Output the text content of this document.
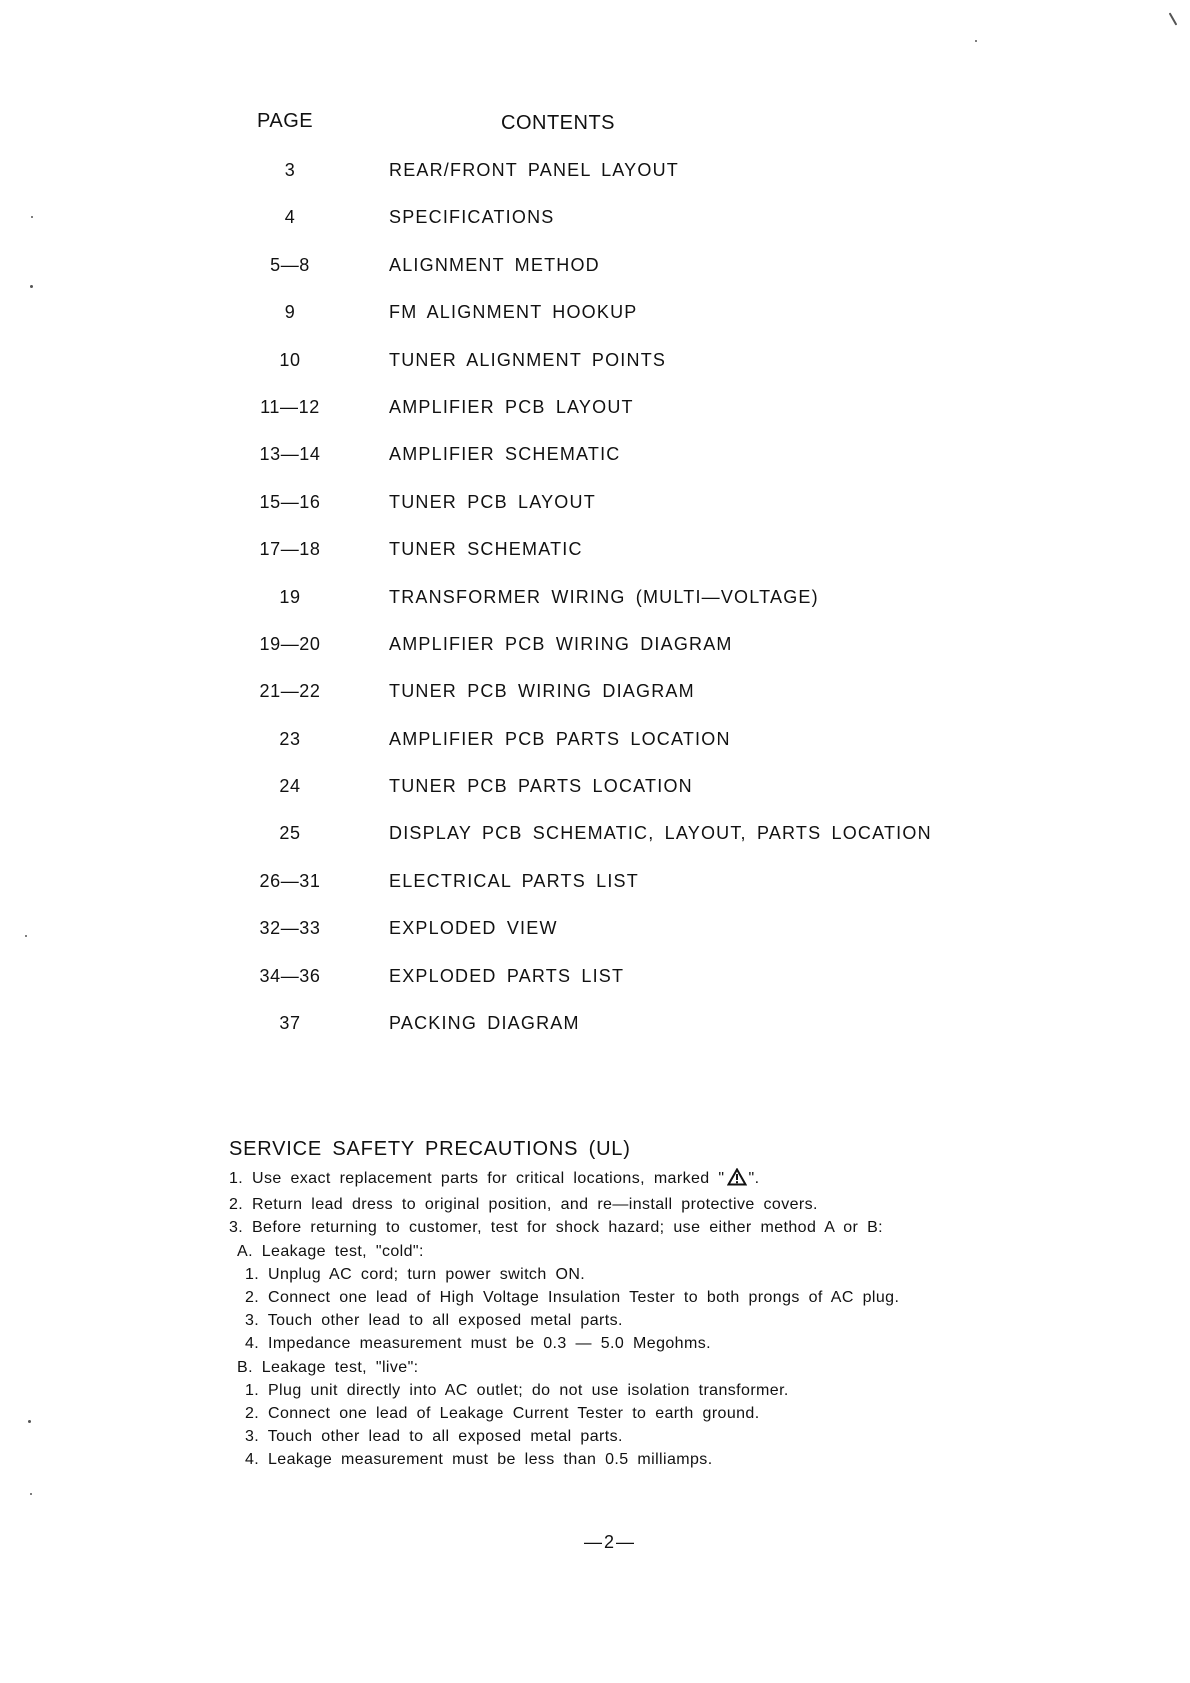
PAGE	CONTENTS
3	REAR/FRONT PANEL LAYOUT
4	SPECIFICATIONS
5—8	ALIGNMENT METHOD
9	FM ALIGNMENT HOOKUP
10	TUNER ALIGNMENT POINTS
11—12	AMPLIFIER PCB LAYOUT
13—14	AMPLIFIER SCHEMATIC
15—16	TUNER PCB LAYOUT
17—18	TUNER SCHEMATIC
19	TRANSFORMER WIRING (MULTI—VOLTAGE)
19—20	AMPLIFIER PCB WIRING DIAGRAM
21—22	TUNER PCB WIRING DIAGRAM
23	AMPLIFIER PCB PARTS LOCATION
24	TUNER PCB PARTS LOCATION
25	DISPLAY PCB SCHEMATIC, LAYOUT, PARTS LOCATION
26—31	ELECTRICAL PARTS LIST
32—33	EXPLODED VIEW
34—36	EXPLODED PARTS LIST
37	PACKING DIAGRAM
SERVICE SAFETY PRECAUTIONS (UL)
1. Use exact replacement parts for critical locations, marked " ".
2. Return lead dress to original position, and re—install protective covers.
3. Before returning to customer, test for shock hazard; use either method A or B:
A. Leakage test, "cold":
1. Unplug AC cord; turn power switch ON.
2. Connect one lead of High Voltage Insulation Tester to both prongs of AC plug.
3. Touch other lead to all exposed metal parts.
4. Impedance measurement must be 0.3 — 5.0 Megohms.
B. Leakage test, "live":
1. Plug unit directly into AC outlet; do not use isolation transformer.
2. Connect one lead of Leakage Current Tester to earth ground.
3. Touch other lead to all exposed metal parts.
4. Leakage measurement must be less than 0.5 milliamps.
—2—
